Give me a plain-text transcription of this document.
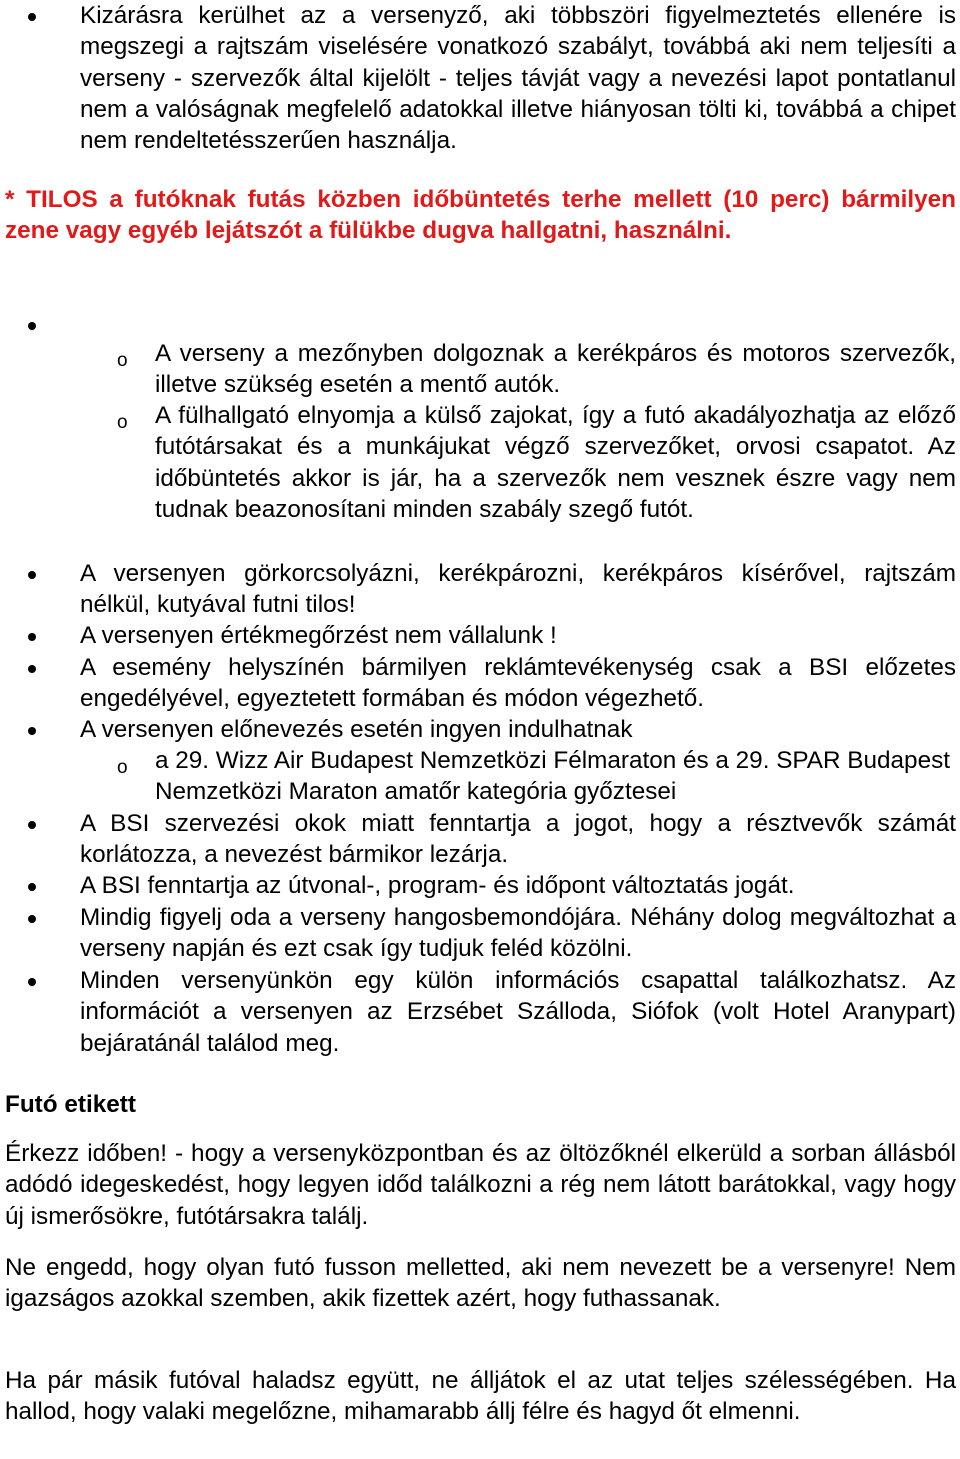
Kizárásra kerülhet az a versenyző, aki többszöri figyelmeztetés ellenére is megszegi a rajtszám viselésére vonatkozó szabályt, továbbá aki nem teljesíti a verseny - szervezők által kijelölt - teljes távját vagy a nevezési lapot pontatlanul nem a valóságnak megfelelő adatokkal illetve hiányosan tölti ki, továbbá a chipet nem rendeltetésszerűen használja.
* TILOS a futóknak futás közben időbüntetés terhe mellett (10 perc) bármilyen zene vagy egyéb lejátszót a fülükbe dugva hallgatni, használni.
o A verseny a mezőnyben dolgoznak a kerékpáros és motoros szervezők, illetve szükség esetén a mentő autók.
o A fülhallgató elnyomja a külső zajokat, így a futó akadályozhatja az előző futótársakat és a munkájukat végző szervezőket, orvosi csapatot. Az időbüntetés akkor is jár, ha a szervezők nem vesznek észre vagy nem tudnak beazonosítani minden szabály szegő futót.
A versenyen görkorcsolyázni, kerékpározni, kerékpáros kísérővel, rajtszám nélkül, kutyával futni tilos!
A versenyen értékmegőrzést nem vállalunk !
A esemény helyszínén bármilyen reklámtevékenység csak a BSI előzetes engedélyével, egyeztetett formában és módon végezhető.
A versenyen előnevezés esetén ingyen indulhatnak
o a 29. Wizz Air Budapest Nemzetközi Félmaraton és a 29. SPAR Budapest Nemzetközi Maraton amatőr kategória győztesei
A BSI szervezési okok miatt fenntartja a jogot, hogy a résztvevők számát korlátozza, a nevezést bármikor lezárja.
A BSI fenntartja az útvonal-, program- és időpont változtatás jogát.
Mindig figyelj oda a verseny hangosbemondójára. Néhány dolog megváltozhat a verseny napján és ezt csak így tudjuk feléd közölni.
Minden versenyünkön egy külön információs csapattal találkozhatsz. Az információt a versenyen az Erzsébet Szálloda, Siófok (volt Hotel Aranypart) bejáratánál találod meg.
Futó etikett
Érkezz időben! - hogy a versenyközpontban és az öltözőknél elkerüld a sorban állásból adódó idegeskedést, hogy legyen időd találkozni a rég nem látott barátokkal, vagy hogy új ismerősökre, futótársakra találj.
Ne engedd, hogy olyan futó fusson melletted, aki nem nevezett be a versenyre! Nem igazságos azokkal szemben, akik fizettek azért, hogy futhassanak.
Ha pár másik futóval haladsz együtt, ne álljátok el az utat teljes szélességében. Ha hallod, hogy valaki megelőzne, mihamarabb állj félre és hagyd őt elmenni.
